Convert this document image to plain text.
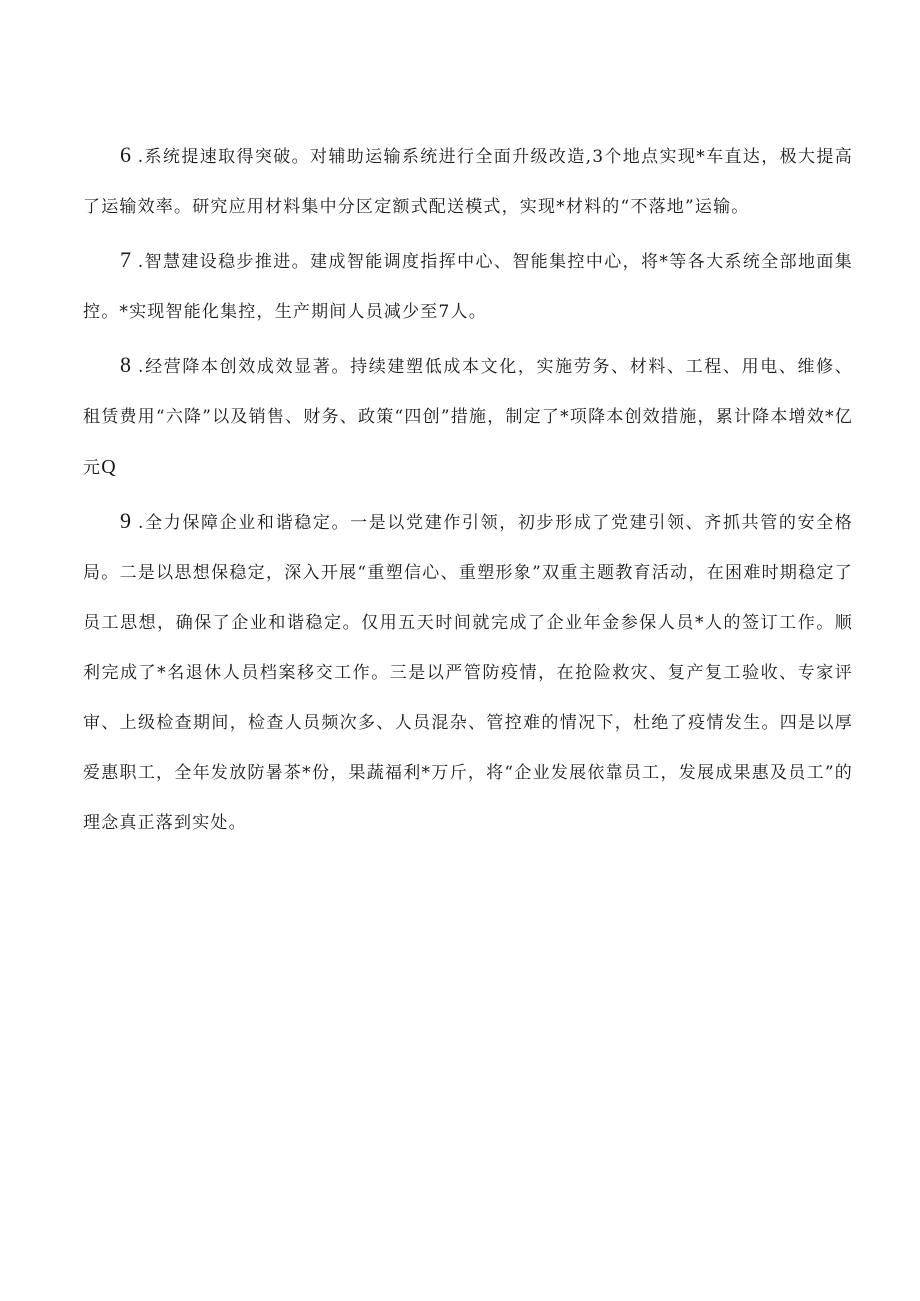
6 .系统提速取得突破。对辅助运输系统进行全面升级改造,3个地点实现*车直达，极大提高了运输效率。研究应用材料集中分区定额式配送模式，实现*材料的“不落地”运输。

7 .智慧建设稳步推进。建成智能调度指挥中心、智能集控中心，将*等各大系统全部地面集控。*实现智能化集控，生产期间人员减少至7人。

8 .经营降本创效成效显著。持续建塑低成本文化，实施劳务、材料、工程、用电、维修、租赁费用“六降”以及销售、财务、政策“四创”措施，制定了*项降本创效措施，累计降本增效*亿元Q

9 .全力保障企业和谐稳定。一是以党建作引领，初步形成了党建引领、齐抓共管的安全格局。二是以思想保稳定，深入开展“重塑信心、重塑形象”双重主题教育活动，在困难时期稳定了员工思想，确保了企业和谐稳定。仅用五天时间就完成了企业年金参保人员*人的签订工作。顺利完成了*名退休人员档案移交工作。三是以严管防疫情，在抢险救灾、复产复工验收、专家评审、上级检查期间，检查人员频次多、人员混杂、管控难的情况下，杜绝了疫情发生。四是以厚爱惠职工，全年发放防暑茶*份，果蔬福利*万斤，将“企业发展依靠员工，发展成果惠及员工”的理念真正落到实处。
